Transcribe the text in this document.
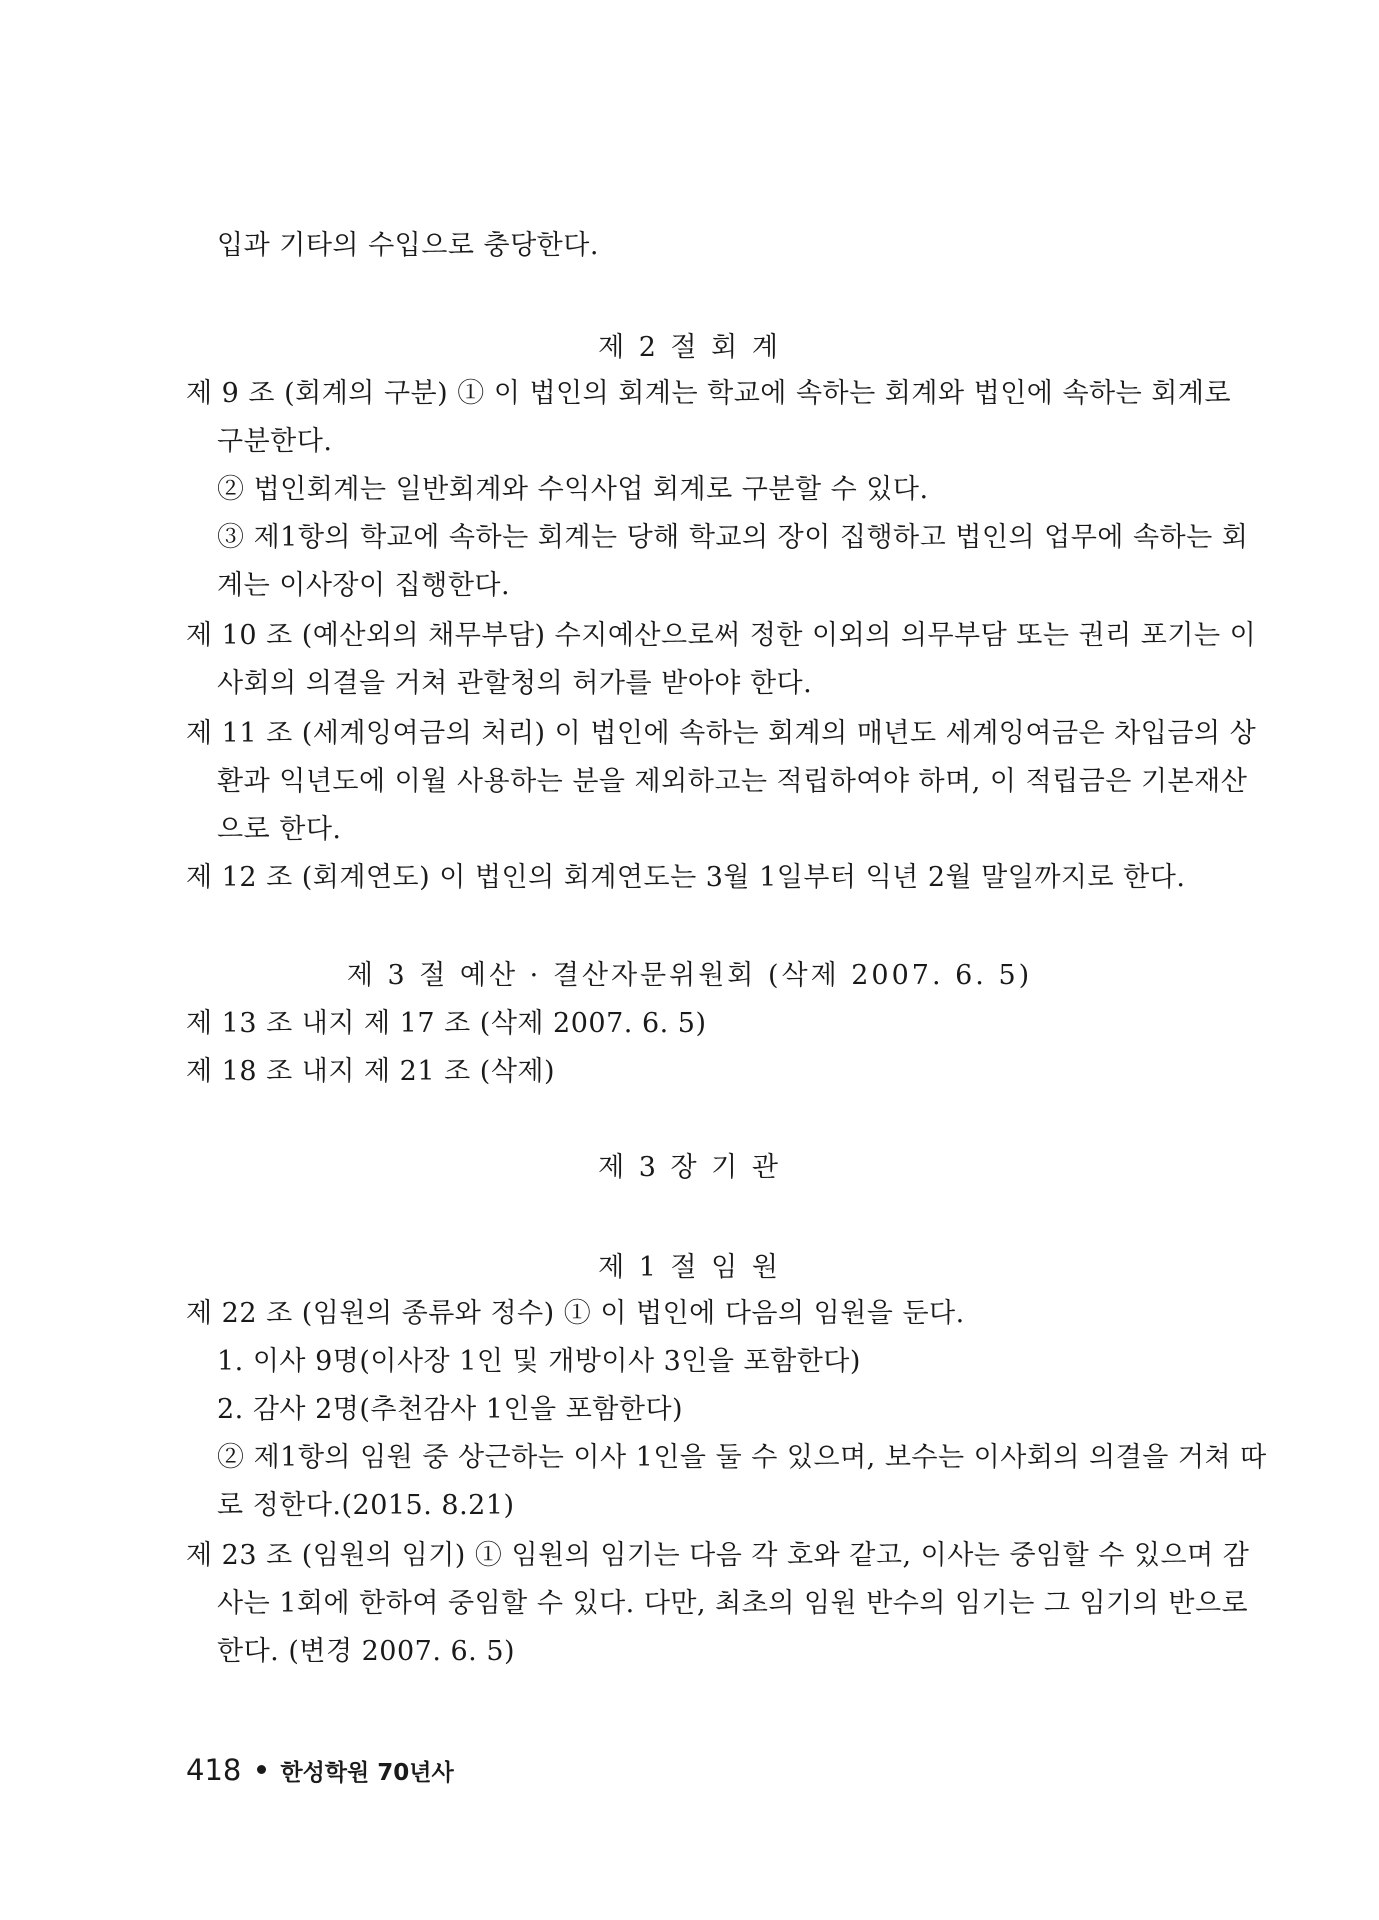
입과 기타의 수입으로 충당한다.
제 2 절 회 계
제 9 조 (회계의 구분) ① 이 법인의 회계는 학교에 속하는 회계와 법인에 속하는 회계로
구분한다.
② 법인회계는 일반회계와 수익사업 회계로 구분할 수 있다.
③ 제1항의 학교에 속하는 회계는 당해 학교의 장이 집행하고 법인의 업무에 속하는 회
계는 이사장이 집행한다.
제 10 조 (예산외의 채무부담) 수지예산으로써 정한 이외의 의무부담 또는 권리 포기는 이
사회의 의결을 거쳐 관할청의 허가를 받아야 한다.
제 11 조 (세계잉여금의 처리) 이 법인에 속하는 회계의 매년도 세계잉여금은 차입금의 상
환과 익년도에 이월 사용하는 분을 제외하고는 적립하여야 하며, 이 적립금은 기본재산
으로 한다.
제 12 조 (회계연도) 이 법인의 회계연도는 3월 1일부터 익년 2월 말일까지로 한다.
제 3 절 예산 · 결산자문위원회 (삭제 2007. 6. 5)
제 13 조 내지 제 17 조 (삭제 2007. 6. 5)
제 18 조 내지 제 21 조 (삭제)
제 3 장 기 관
제 1 절 임 원
제 22 조 (임원의 종류와 정수) ① 이 법인에 다음의 임원을 둔다.
1. 이사 9명(이사장 1인 및 개방이사 3인을 포함한다)
2. 감사 2명(추천감사 1인을 포함한다)
② 제1항의 임원 중 상근하는 이사 1인을 둘 수 있으며, 보수는 이사회의 의결을 거쳐 따
로 정한다.(2015. 8.21)
제 23 조 (임원의 임기) ① 임원의 임기는 다음 각 호와 같고, 이사는 중임할 수 있으며 감
사는 1회에 한하여 중임할 수 있다. 다만, 최초의 임원 반수의 임기는 그 임기의 반으로
한다. (변경 2007. 6. 5)
418 한성학원 70년사
